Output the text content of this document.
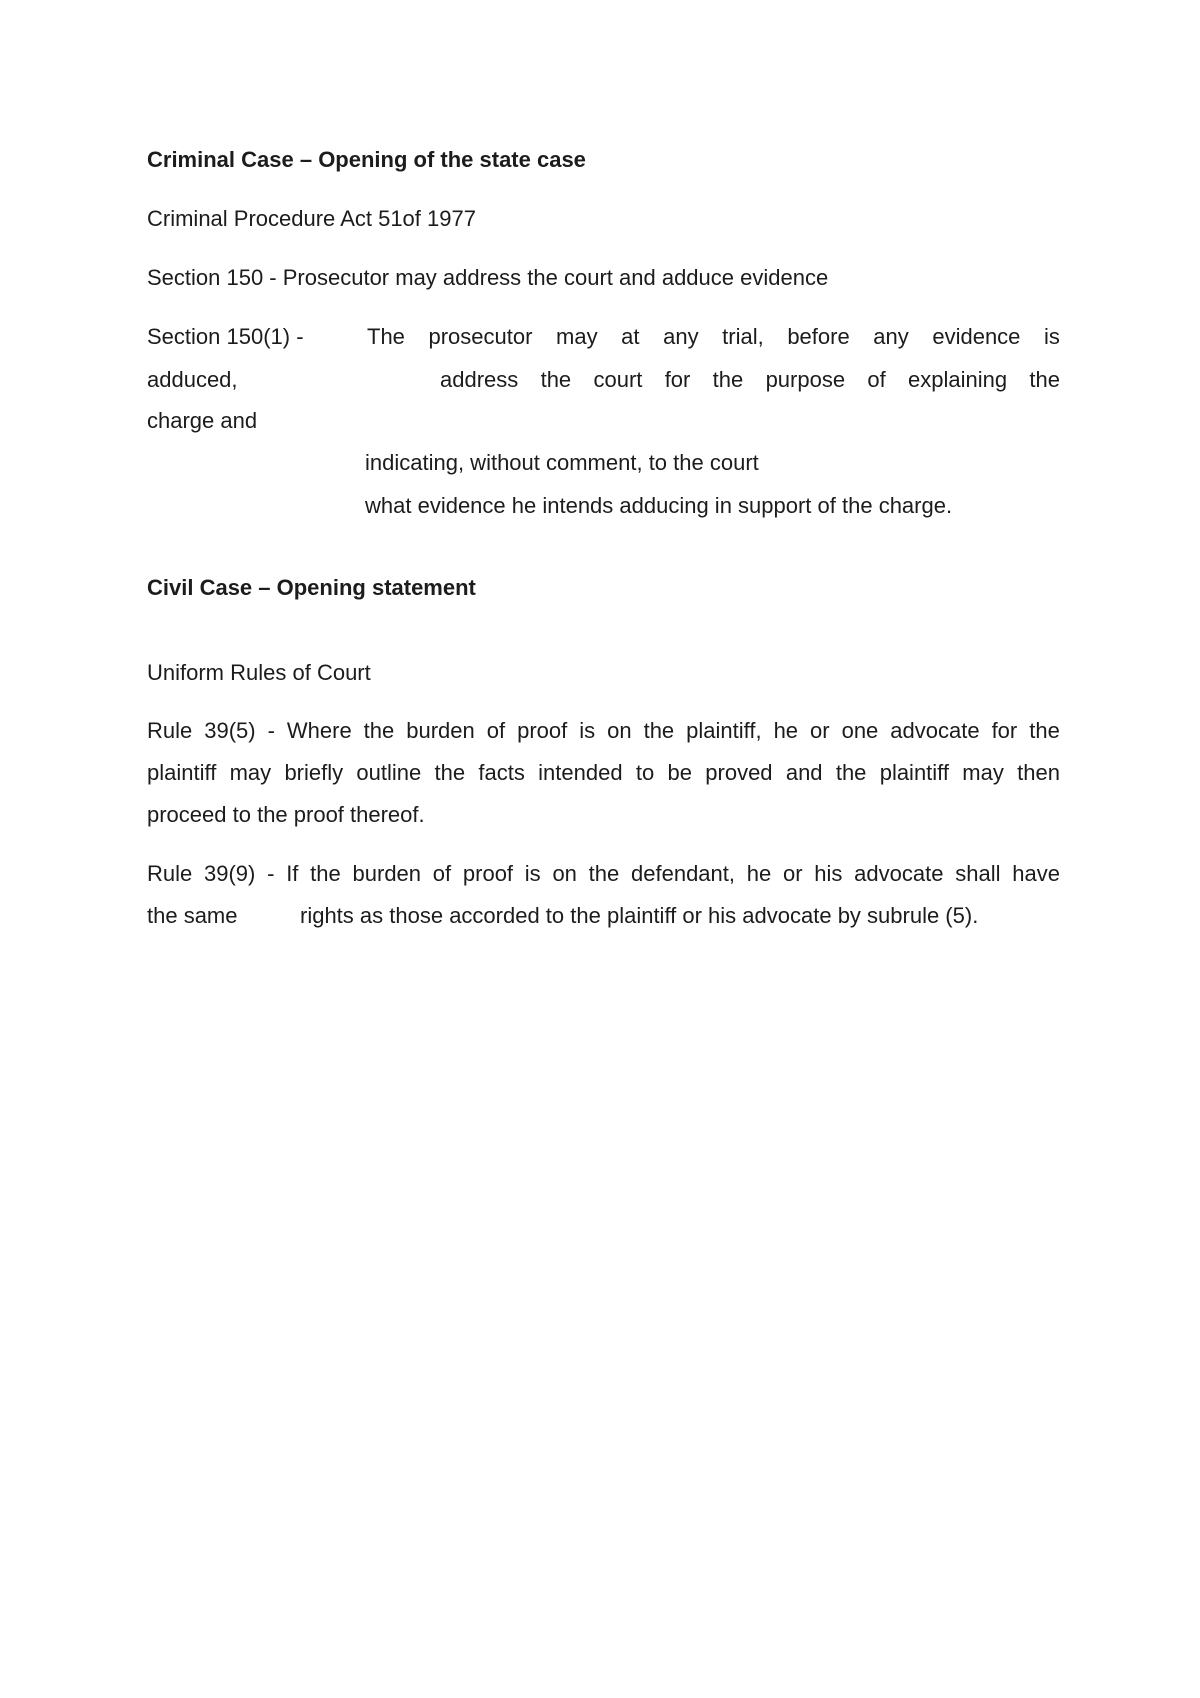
Criminal Case – Opening of the state case

Criminal Procedure Act 51of 1977

Section 150 - Prosecutor may address the court and adduce evidence

Section 150(1) -	The prosecutor may at any trial, before any evidence is

adduced,	address the court for the purpose of explaining the

charge and

indicating, without comment, to the court

what evidence he intends adducing in support of the charge.

Civil Case – Opening statement

Uniform Rules of Court

Rule 39(5) - Where the burden of proof is on the plaintiff, he or one advocate for the
plaintiff may briefly outline the facts intended to be proved and the plaintiff may then

proceed to the proof thereof.

Rule 39(9) - If the burden of proof is on the defendant, he or his advocate shall have

the same	rights as those accorded to the plaintiff or his advocate by subrule (5).
